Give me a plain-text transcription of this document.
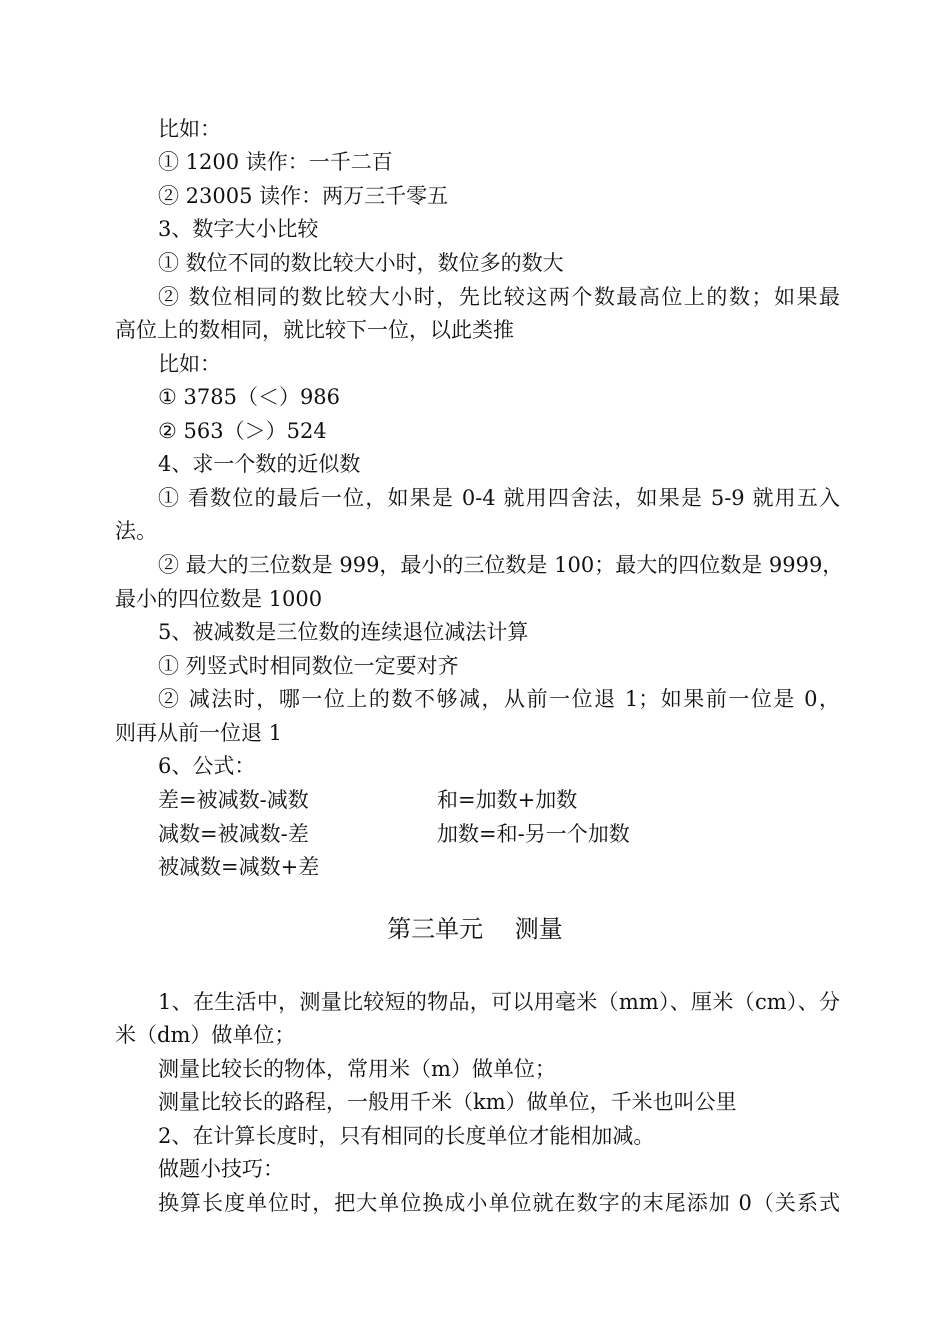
比如：
① 1200 读作：一千二百
② 23005 读作：两万三千零五
3、数字大小比较
① 数位不同的数比较大小时，数位多的数大
② 数位相同的数比较大小时，先比较这两个数最高位上的数；如果最
高位上的数相同，就比较下一位，以此类推
比如：
① 3785（＜）986
② 563（＞）524
4、求一个数的近似数
① 看数位的最后一位，如果是 0-4 就用四舍法，如果是 5-9 就用五入
法。
② 最大的三位数是 999，最小的三位数是 100；最大的四位数是 9999，
最小的四位数是 1000
5、被减数是三位数的连续退位减法计算
① 列竖式时相同数位一定要对齐
② 减法时，哪一位上的数不够减，从前一位退 1；如果前一位是 0，
则再从前一位退 1
6、公式：
差=被减数-减数	和=加数+加数
减数=被减数-差	加数=和-另一个加数
被减数=减数+差
第三单元 测量
1、在生活中，测量比较短的物品，可以用毫米（mm）、厘米（cm）、分
米（dm）做单位；
测量比较长的物体，常用米（m）做单位；
测量比较长的路程，一般用千米（km）做单位，千米也叫公里
2、在计算长度时，只有相同的长度单位才能相加减。
做题小技巧：
换算长度单位时，把大单位换成小单位就在数字的末尾添加 0（关系式
